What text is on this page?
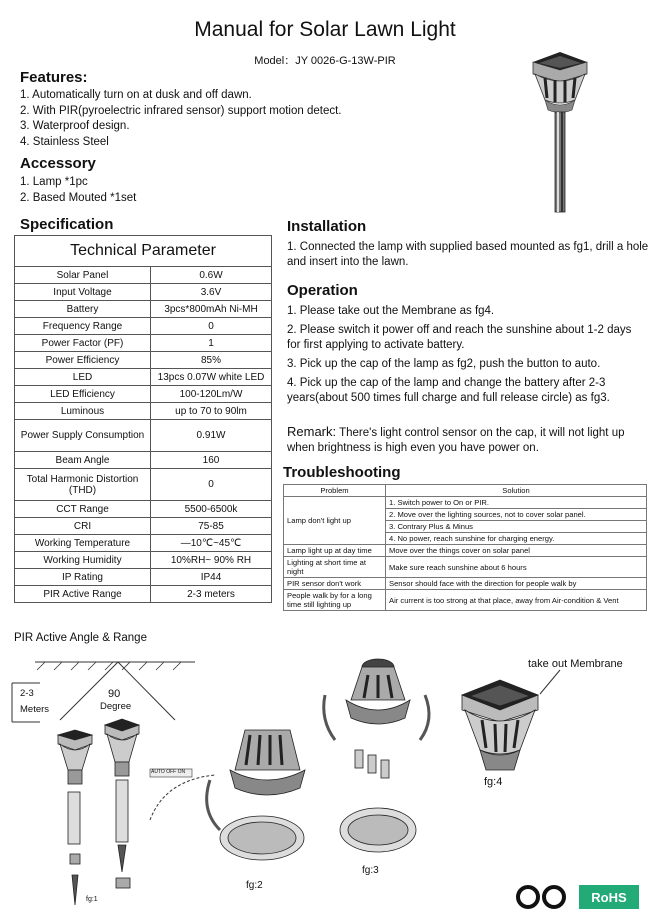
Manual for Solar Lawn Light
Model：JY 0026-G-13W-PIR
Features:
1. Automatically turn on at dusk and off dawn.
2. With PIR(pyroelectric infrared sensor) support motion detect.
3. Waterproof design.
4. Stainless Steel
Accessory
1. Lamp *1pc
2. Based Mouted *1set
Specification
Technical Parameter	
Solar Panel	0.6W
Input Voltage	3.6V
Battery	3pcs*800mAh Ni-MH
Frequency Range	0
Power Factor (PF)	1
Power Efficiency	85%
LED	13pcs 0.07W white LED
LED Efficiency	100-120Lm/W
Luminous	up to 70 to 90lm
Power Supply Consumption	0.91W
Beam Angle	160
Total Harmonic Distortion (THD)	0
CCT Range	5500-6500k
CRI	75-85
Working Temperature	—10℃~45℃
Working Humidity	10%RH~ 90% RH
IP Rating	IP44
PIR Active Range	2-3 meters
Installation
1. Connected the lamp with supplied based mounted as fg1, drill a hole and insert into the lawn.
Operation

1. Please take out the Membrane as fg4.

2. Please switch it power off and reach the sunshine about 1-2 days for first applying to activate battery.

3. Pick up the cap of the lamp as fg2, push the button to auto.

4. Pick up the cap of the lamp and change the battery after 2-3 years(about 500 times full charge and full release circle) as fg3.

Remark: There's light control sensor on the cap, it will not light up when brightness is high even you have power on.
Troubleshooting
Problem	Solution
Lamp don't light up	1. Switch power to On or PIR.
	2. Move over the lighting sources, not to cover solar panel.
	3. Contrary Plus & Minus
	4. No power, reach sunshine for charging energy.
Lamp light up at day time	Move over the things cover on solar panel
Lighting at short time at night	Make sure reach sunshine about 6 hours
PIR sensor don't work	Sensor should face with the direction for people walk by
People walk by for a long time still lighting up	Air current is too strong at that place, away from Air-condition & Vent
PIR Active Angle & Range
2-3
Meters
90
Degree
AUTO OFF ON
take out Membrane
fg:4
fg:2
fg:3
fg:1	RoHS
